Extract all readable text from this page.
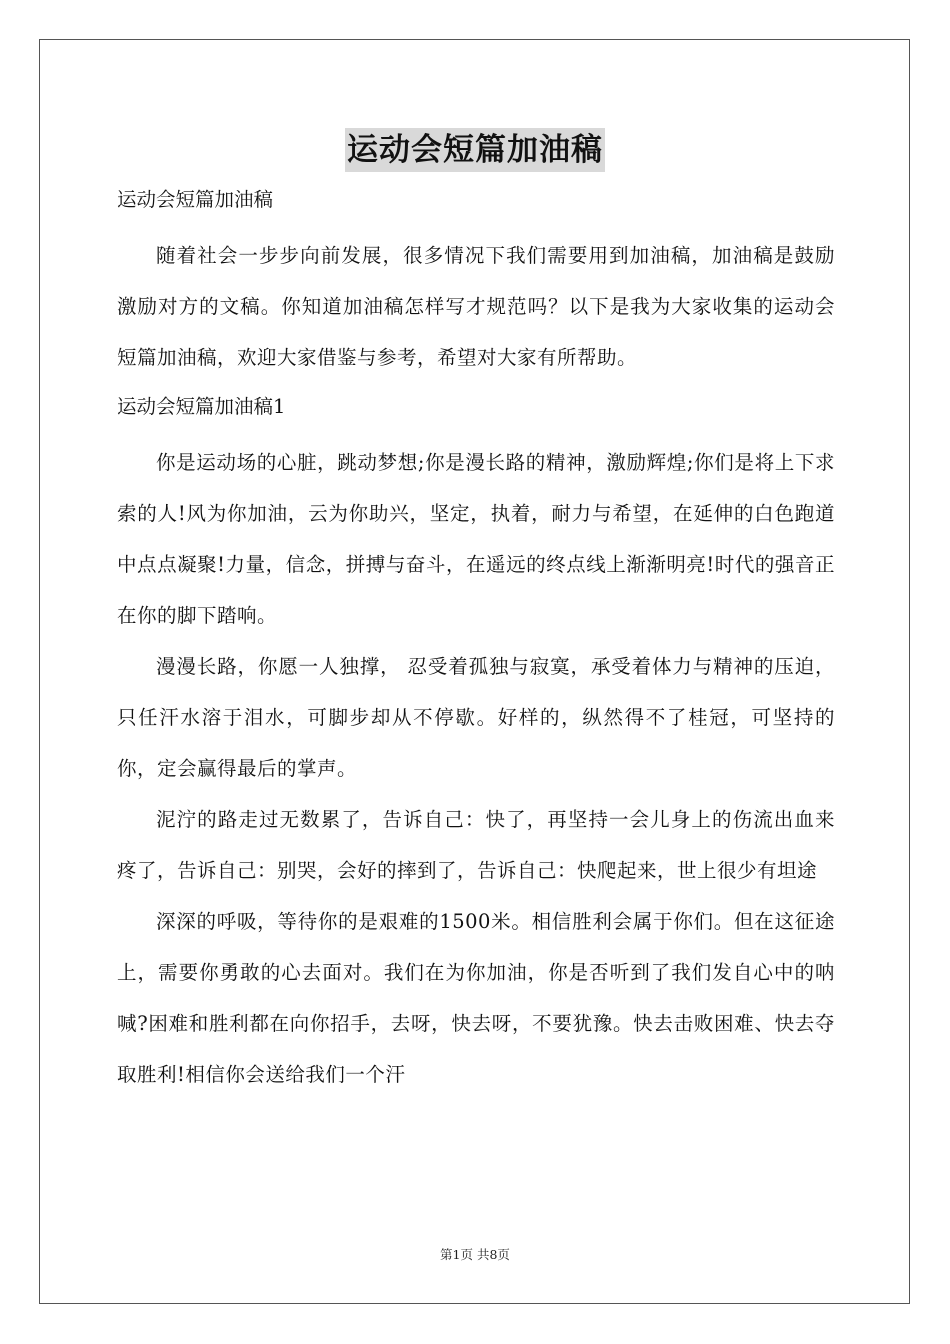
运动会短篇加油稿
运动会短篇加油稿

随着社会一步步向前发展，很多情况下我们需要用到加油稿，加油稿是鼓励激励对方的文稿。你知道加油稿怎样写才规范吗？以下是我为大家收集的运动会短篇加油稿，欢迎大家借鉴与参考，希望对大家有所帮助。

运动会短篇加油稿1

你是运动场的心脏，跳动梦想;你是漫长路的精神，激励辉煌;你们是将上下求索的人!风为你加油，云为你助兴，坚定，执着，耐力与希望，在延伸的白色跑道中点点凝聚!力量，信念，拼搏与奋斗，在遥远的终点线上渐渐明亮!时代的强音正在你的脚下踏响。

漫漫长路，你愿一人独撑， 忍受着孤独与寂寞，承受着体力与精神的压迫，只任汗水溶于泪水，可脚步却从不停歇。好样的，纵然得不了桂冠，可坚持的你，定会赢得最后的掌声。

泥泞的路走过无数累了，告诉自己：快了，再坚持一会儿身上的伤流出血来疼了，告诉自己：别哭，会好的摔到了，告诉自己：快爬起来，世上很少有坦途

深深的呼吸，等待你的是艰难的1500米。相信胜利会属于你们。但在这征途上，需要你勇敢的心去面对。我们在为你加油，你是否听到了我们发自心中的呐喊?困难和胜利都在向你招手，去呀，快去呀，不要犹豫。快去击败困难、快去夺取胜利!相信你会送给我们一个汗

第1页 共8页
